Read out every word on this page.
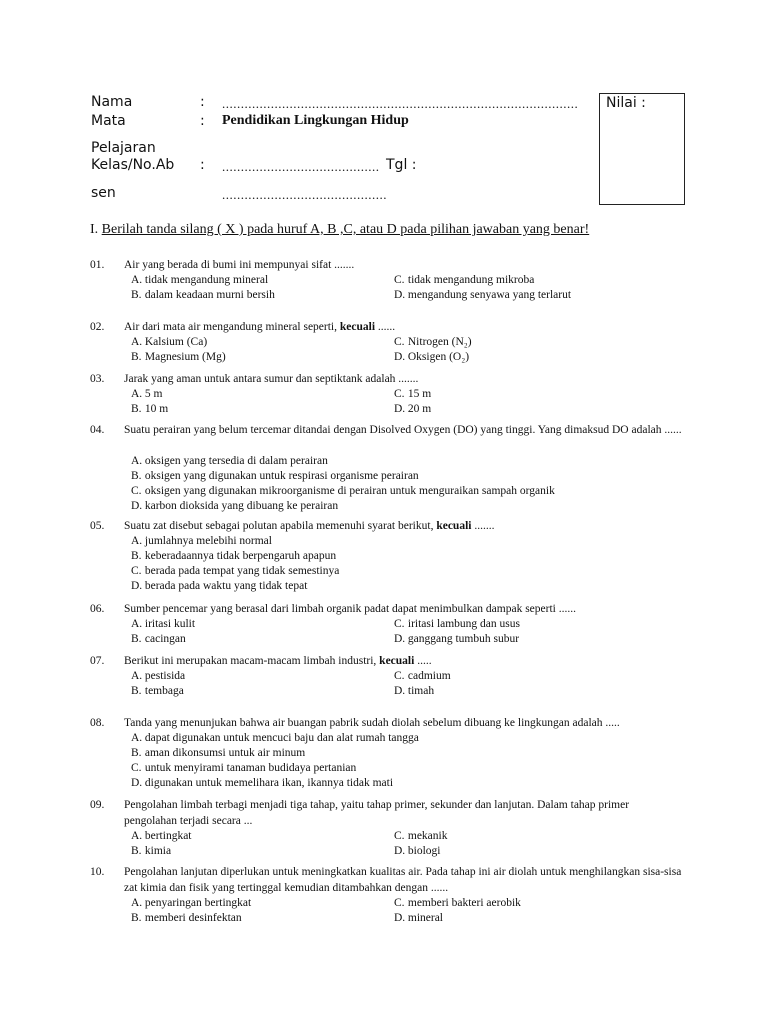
Nama	: ...............................................................................................
Mata	: Pendidikan Lingkungan Hidup
Pelajaran
Kelas/No.Ab : .......................................... Tgl :
sen	............................................
Nilai :
I. Berilah tanda silang ( X ) pada huruf A, B ,C, atau D pada pilihan jawaban yang benar!
01. Air yang berada di bumi ini mempunyai sifat .......
A. tidak mengandung mineral
B. dalam keadaan murni bersih
C. tidak mengandung mikroba
D. mengandung senyawa yang terlarut
02. Air dari mata air mengandung mineral seperti, kecuali ......
A. Kalsium (Ca)
B. Magnesium (Mg)
C. Nitrogen (N₂)
D. Oksigen (O₂)
03. Jarak yang aman untuk antara sumur dan septiktank adalah .......
A. 5 m
B. 10 m
C. 15 m
D. 20 m
04. Suatu perairan yang belum tercemar ditandai dengan Disolved Oxygen (DO) yang tinggi. Yang dimaksud DO adalah ......
A. oksigen yang tersedia di dalam perairan
B. oksigen yang digunakan untuk respirasi organisme perairan
C. oksigen yang digunakan mikroorganisme di perairan untuk menguraikan sampah organik
D. karbon dioksida yang dibuang ke perairan
05. Suatu zat disebut sebagai polutan apabila memenuhi syarat berikut, kecuali .......
A. jumlahnya melebihi normal
B. keberadaannya tidak berpengaruh apapun
C. berada pada tempat yang tidak semestinya
D. berada pada waktu yang tidak tepat
06. Sumber pencemar yang berasal dari limbah organik padat dapat menimbulkan dampak seperti ......
A. iritasi kulit
B. cacingan
C. iritasi lambung dan usus
D. ganggang tumbuh subur
07. Berikut ini merupakan macam-macam limbah industri, kecuali .....
A. pestisida
B. tembaga
C. cadmium
D. timah
08. Tanda yang menunjukan bahwa air buangan pabrik sudah diolah sebelum dibuang ke lingkungan adalah .....
A. dapat digunakan untuk mencuci baju dan alat rumah tangga
B. aman dikonsumsi untuk air minum
C. untuk menyirami tanaman budidaya pertanian
D. digunakan untuk memelihara ikan, ikannya tidak mati
09. Pengolahan limbah terbagi menjadi tiga tahap, yaitu tahap primer, sekunder dan lanjutan. Dalam tahap primer pengolahan terjadi secara ...
A. bertingkat
B. kimia
C. mekanik
D. biologi
10. Pengolahan lanjutan diperlukan untuk meningkatkan kualitas air. Pada tahap ini air diolah untuk menghilangkan sisa-sisa zat kimia dan fisik yang tertinggal kemudian ditambahkan dengan ......
A. penyaringan bertingkat
B. memberi desinfektan
C. memberi bakteri aerobik
D. mineral
